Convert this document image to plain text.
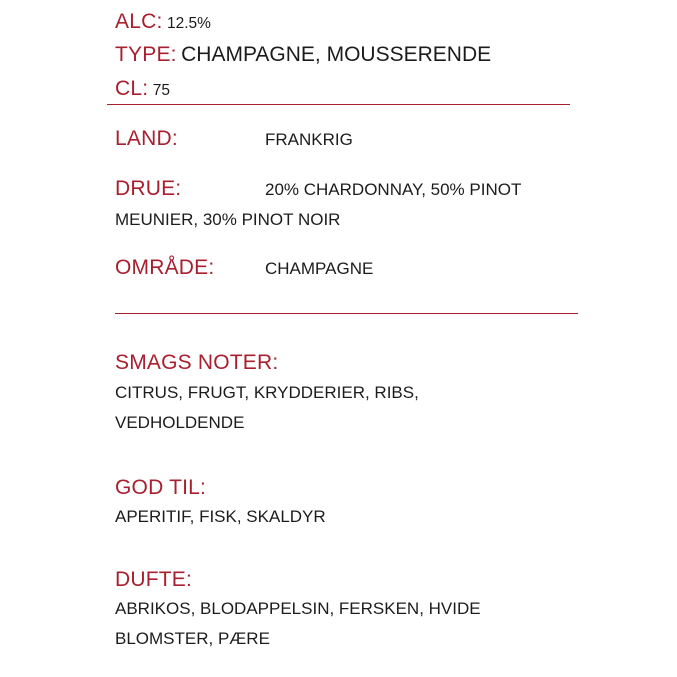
ALC: 12.5%
TYPE: CHAMPAGNE, MOUSSERENDE
CL: 75
LAND:	FRANKRIG
DRUE:	20% CHARDONNAY, 50% PINOT
MEUNIER, 30% PINOT NOIR
OMRÅDE:	CHAMPAGNE
SMAGS NOTER:
CITRUS, FRUGT, KRYDDERIER, RIBS,
VEDHOLDENDE
GOD TIL:
APERITIF, FISK, SKALDYR
DUFTE:
ABRIKOS, BLODAPPELSIN, FERSKEN, HVIDE
BLOMSTER, PÆRE
